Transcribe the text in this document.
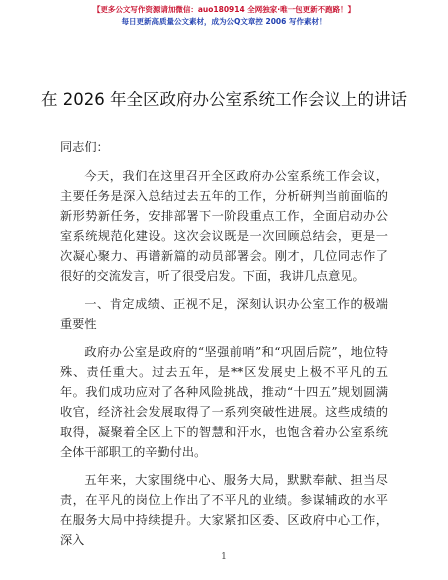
【更多公文写作资源请加微信：auo180914 全网独家·唯一包更新不跑路！】
每日更新高质量公文素材，成为公Q文章控 2006 写作素材！
在 2026 年全区政府办公室系统工作会议上的讲话

同志们：

今天，我们在这里召开全区政府办公室系统工作会议，主要任务是深入总结过去五年的工作，分析研判当前面临的新形势新任务，安排部署下一阶段重点工作，全面启动办公室系统规范化建设。这次会议既是一次回顾总结会，更是一次凝心聚力、再谱新篇的动员部署会。刚才，几位同志作了很好的交流发言，听了很受启发。下面，我讲几点意见。

一、肯定成绩、正视不足，深刻认识办公室工作的极端重要性

政府办公室是政府的“坚强前哨”和“巩固后院”，地位特殊、责任重大。过去五年，是**区发展史上极不平凡的五年。我们成功应对了各种风险挑战，推动“十四五”规划圆满收官，经济社会发展取得了一系列突破性进展。这些成绩的取得，凝聚着全区上下的智慧和汗水，也饱含着办公室系统全体干部职工的辛勤付出。

五年来，大家围绕中心、服务大局，默默奉献、担当尽责，在平凡的岗位上作出了不平凡的业绩。参谋辅政的水平在服务大局中持续提升。大家紧扣区委、区政府中心工作，深入

1
